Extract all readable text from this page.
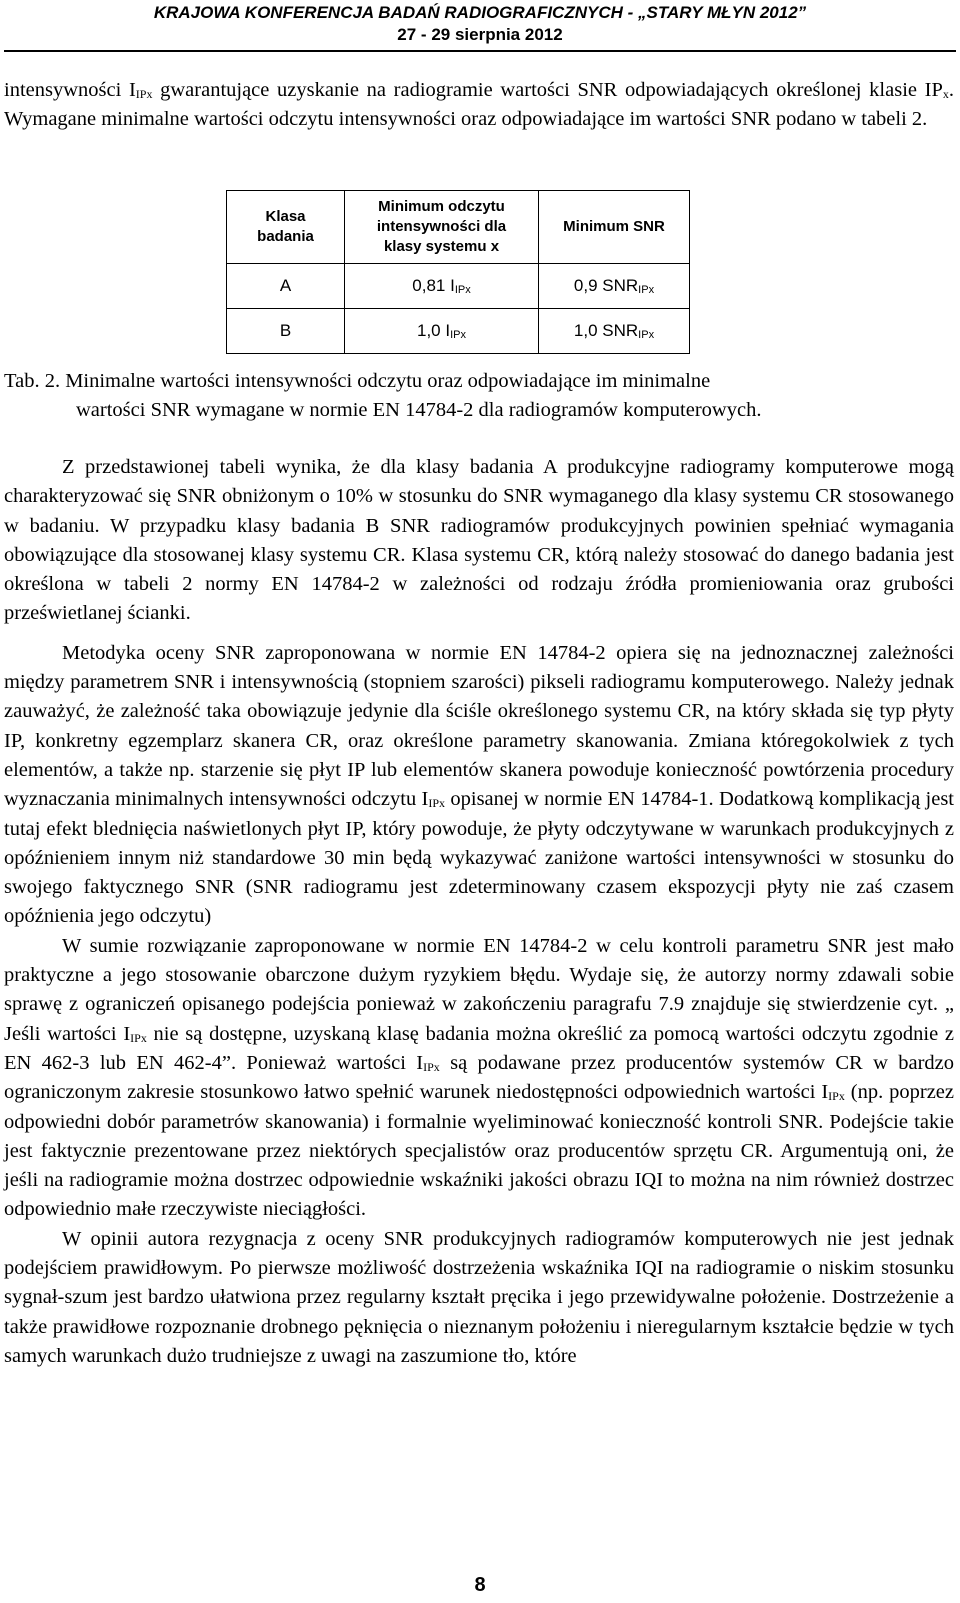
KRAJOWA KONFERENCJA BADAŃ RADIOGRAFICZNYCH - „STARY MŁYN 2012”
27 - 29 sierpnia 2012

intensywności $I_{IPx}$ gwarantujące uzyskanie na radiogramie wartości SNR odpowiadających określonej klasie $IP_x$. Wymagane minimalne wartości odczytu intensywności oraz odpowiadające im wartości SNR podano w tabeli 2.

Klasa badania	Minimum odczytu intensywności dla klasy systemu x	Minimum SNR

A	0,81 $I_{IPx}$	0,9 $SNR_{IPx}$
B	1,0 $I_{IPx}$	1,0 $SNR_{IPx}$
Tab. 2. Minimalne wartości intensywności odczytu oraz odpowiadające im minimalne
wartości SNR wymagane w normie EN 14784-2 dla radiogramów komputerowych.

Z przedstawionej tabeli wynika, że dla klasy badania A produkcyjne radiogramy komputerowe mogą charakteryzować się SNR obniżonym o 10% w stosunku do SNR wymaganego dla klasy systemu CR stosowanego w badaniu. W przypadku klasy badania B SNR radiogramów produkcyjnych powinien spełniać wymagania obowiązujące dla stosowanej klasy systemu CR. Klasa systemu CR, którą należy stosować do danego badania jest określona w tabeli 2 normy EN 14784-2 w zależności od rodzaju źródła promieniowania oraz grubości prześwietlanej ścianki.

Metodyka oceny SNR zaproponowana w normie EN 14784-2 opiera się na jednoznacznej zależności między parametrem SNR i intensywnością (stopniem szarości) pikseli radiogramu komputerowego. Należy jednak zauważyć, że zależność taka obowiązuje jedynie dla ściśle określonego systemu CR, na który składa się typ płyty IP, konkretny egzemplarz skanera CR, oraz określone parametry skanowania. Zmiana któregokolwiek z tych elementów, a także np. starzenie się płyt IP lub elementów skanera powoduje konieczność powtórzenia procedury wyznaczania minimalnych intensywności odczytu $I_{IPx}$ opisanej w normie EN 14784-1. Dodatkową komplikacją jest tutaj efekt blednięcia naświetlonych płyt IP, który powoduje, że płyty odczytywane w warunkach produkcyjnych z opóźnieniem innym niż standardowe 30 min będą wykazywać zaniżone wartości intensywności w stosunku do swojego faktycznego SNR (SNR radiogramu jest zdeterminowany czasem ekspozycji płyty nie zaś czasem opóźnienia jego odczytu)

W sumie rozwiązanie zaproponowane w normie EN 14784-2 w celu kontroli parametru SNR jest mało praktyczne a jego stosowanie obarczone dużym ryzykiem błędu. Wydaje się, że autorzy normy zdawali sobie sprawę z ograniczeń opisanego podejścia ponieważ w zakończeniu paragrafu 7.9 znajduje się stwierdzenie cyt. „ Jeśli wartości $I_{IPx}$ nie są dostępne, uzyskaną klasę badania można określić za pomocą wartości odczytu zgodnie z EN 462-3 lub EN 462-4”. Ponieważ wartości $I_{IPx}$ są podawane przez producentów systemów CR w bardzo ograniczonym zakresie stosunkowo łatwo spełnić warunek niedostępności odpowiednich wartości $I_{IPx}$ (np. poprzez odpowiedni dobór parametrów skanowania) i formalnie wyeliminować konieczność kontroli SNR. Podejście takie jest faktycznie prezentowane przez niektórych specjalistów oraz producentów sprzętu CR. Argumentują oni, że jeśli na radiogramie można dostrzec odpowiednie wskaźniki jakości obrazu IQI to można na nim również dostrzec odpowiednio małe rzeczywiste nieciągłości.

W opinii autora rezygnacja z oceny SNR produkcyjnych radiogramów komputerowych nie jest jednak podejściem prawidłowym. Po pierwsze możliwość dostrzeżenia wskaźnika IQI na radiogramie o niskim stosunku sygnał-szum jest bardzo ułatwiona przez regularny kształt pręcika i jego przewidywalne położenie. Dostrzeżenie a także prawidłowe rozpoznanie drobnego pęknięcia o nieznanym położeniu i nieregularnym kształcie będzie w tych samych warunkach dużo trudniejsze z uwagi na zaszumione tło, które

8
